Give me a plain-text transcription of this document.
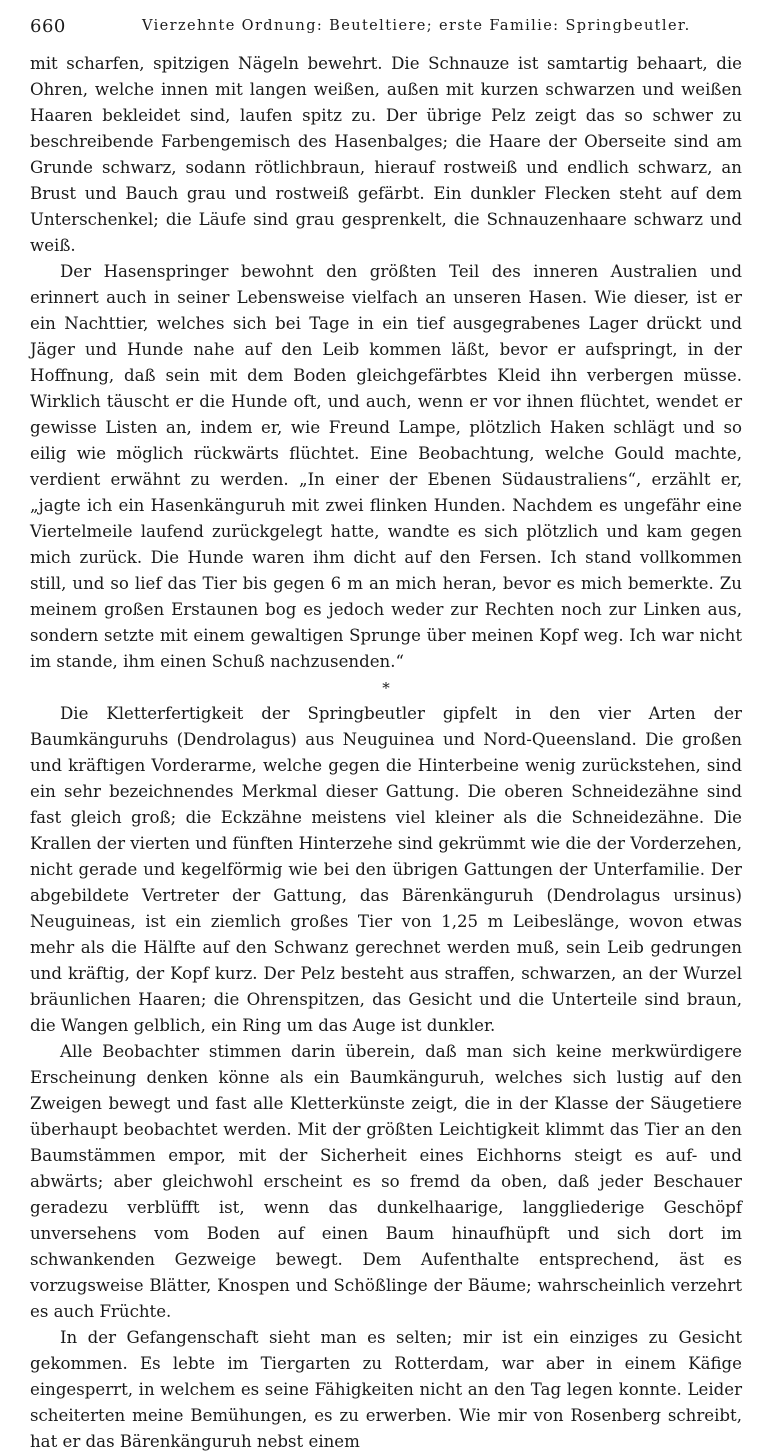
660	Vierzehnte Ordnung: Beuteltiere; erste Familie: Springbeutler.

mit scharfen, spitzigen Nägeln bewehrt. Die Schnauze ist samtartig behaart, die Ohren, welche innen mit langen weißen, außen mit kurzen schwarzen und weißen Haaren bekleidet sind, laufen spitz zu. Der übrige Pelz zeigt das so schwer zu beschreibende Farbengemisch des Hasenbalges; die Haare der Oberseite sind am Grunde schwarz, sodann rötlichbraun, hierauf rostweiß und endlich schwarz, an Brust und Bauch grau und rostweiß gefärbt. Ein dunkler Flecken steht auf dem Unterschenkel; die Läufe sind grau gesprenkelt, die Schnauzenhaare schwarz und weiß.

Der Hasenspringer bewohnt den größten Teil des inneren Australien und erinnert auch in seiner Lebensweise vielfach an unseren Hasen. Wie dieser, ist er ein Nachttier, welches sich bei Tage in ein tief ausgegrabenes Lager drückt und Jäger und Hunde nahe auf den Leib kommen läßt, bevor er aufspringt, in der Hoffnung, daß sein mit dem Boden gleichgefärbtes Kleid ihn verbergen müsse. Wirklich täuscht er die Hunde oft, und auch, wenn er vor ihnen flüchtet, wendet er gewisse Listen an, indem er, wie Freund Lampe, plötzlich Haken schlägt und so eilig wie möglich rückwärts flüchtet. Eine Beobachtung, welche Gould machte, verdient erwähnt zu werden. „In einer der Ebenen Südaustraliens“, erzählt er, „jagte ich ein Hasenkänguruh mit zwei flinken Hunden. Nachdem es ungefähr eine Viertelmeile laufend zurückgelegt hatte, wandte es sich plötzlich und kam gegen mich zurück. Die Hunde waren ihm dicht auf den Fersen. Ich stand vollkommen still, und so lief das Tier bis gegen 6 m an mich heran, bevor es mich bemerkte. Zu meinem großen Erstaunen bog es jedoch weder zur Rechten noch zur Linken aus, sondern setzte mit einem gewaltigen Sprunge über meinen Kopf weg. Ich war nicht im stande, ihm einen Schuß nachzusenden.“

*

Die Kletterfertigkeit der Springbeutler gipfelt in den vier Arten der Baumkänguruhs (Dendrolagus) aus Neuguinea und Nord-Queensland. Die großen und kräftigen Vorderarme, welche gegen die Hinterbeine wenig zurückstehen, sind ein sehr bezeichnendes Merkmal dieser Gattung. Die oberen Schneidezähne sind fast gleich groß; die Eckzähne meistens viel kleiner als die Schneidezähne. Die Krallen der vierten und fünften Hinterzehe sind gekrümmt wie die der Vorderzehen, nicht gerade und kegelförmig wie bei den übrigen Gattungen der Unterfamilie. Der abgebildete Vertreter der Gattung, das Bärenkänguruh (Dendrolagus ursinus) Neuguineas, ist ein ziemlich großes Tier von 1,25 m Leibeslänge, wovon etwas mehr als die Hälfte auf den Schwanz gerechnet werden muß, sein Leib gedrungen und kräftig, der Kopf kurz. Der Pelz besteht aus straffen, schwarzen, an der Wurzel bräunlichen Haaren; die Ohrenspitzen, das Gesicht und die Unterteile sind braun, die Wangen gelblich, ein Ring um das Auge ist dunkler.

Alle Beobachter stimmen darin überein, daß man sich keine merkwürdigere Erscheinung denken könne als ein Baumkänguruh, welches sich lustig auf den Zweigen bewegt und fast alle Kletterkünste zeigt, die in der Klasse der Säugetiere überhaupt beobachtet werden. Mit der größten Leichtigkeit klimmt das Tier an den Baumstämmen empor, mit der Sicherheit eines Eichhorns steigt es auf- und abwärts; aber gleichwohl erscheint es so fremd da oben, daß jeder Beschauer geradezu verblüfft ist, wenn das dunkelhaarige, langgliederige Geschöpf unversehens vom Boden auf einen Baum hinaufhüpft und sich dort im schwankenden Gezweige bewegt. Dem Aufenthalte entsprechend, äst es vorzugsweise Blätter, Knospen und Schößlinge der Bäume; wahrscheinlich verzehrt es auch Früchte.

In der Gefangenschaft sieht man es selten; mir ist ein einziges zu Gesicht gekommen. Es lebte im Tiergarten zu Rotterdam, war aber in einem Käfige eingesperrt, in welchem es seine Fähigkeiten nicht an den Tag legen konnte. Leider scheiterten meine Bemühungen, es zu erwerben. Wie mir von Rosenberg schreibt, hat er das Bärenkänguruh nebst einem
